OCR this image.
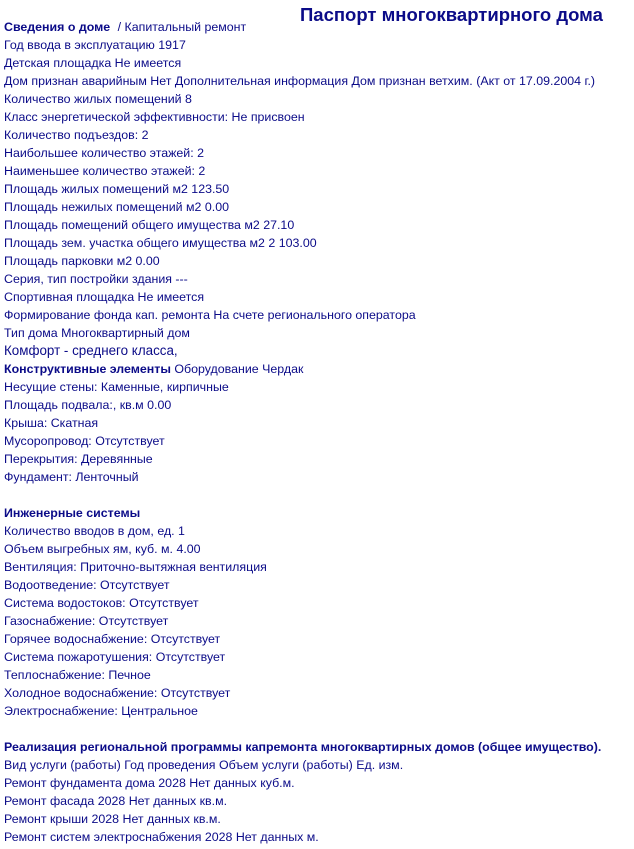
Паспорт многоквартирного дома
Сведения о доме / Капитальный ремонт
Год ввода в эксплуатацию 1917
Детская площадка Не имеется
Дом признан аварийным Нет Дополнительная информация Дом признан ветхим. (Акт от 17.09.2004 г.)
Количество жилых помещений 8
Класс энергетической эффективности: Не присвоен
Количество подъездов: 2
Наибольшее количество этажей: 2
Наименьшее количество этажей: 2
Площадь жилых помещений м2 123.50
Площадь нежилых помещений м2 0.00
Площадь помещений общего имущества м2 27.10
Площадь зем. участка общего имущества м2 2 103.00
Площадь парковки м2 0.00
Серия, тип постройки здания ---
Спортивная площадка Не имеется
Формирование фонда кап. ремонта На счете регионального оператора
Тип дома Многоквартирный дом
Комфорт - среднего класса,
Конструктивные элементы Оборудование Чердак
Несущие стены: Каменные, кирпичные
Площадь подвала:, кв.м 0.00
Крыша: Скатная
Мусоропровод: Отсутствует
Перекрытия: Деревянные
Фундамент: Ленточный
Инженерные системы
Количество вводов в дом, ед. 1
Объем выгребных ям, куб. м. 4.00
Вентиляция: Приточно-вытяжная вентиляция
Водоотведение: Отсутствует
Система водостоков: Отсутствует
Газоснабжение: Отсутствует
Горячее водоснабжение: Отсутствует
Система пожаротушения: Отсутствует
Теплоснабжение: Печное
Холодное водоснабжение: Отсутствует
Электроснабжение: Центральное
Реализация региональной программы капремонта многоквартирных домов (общее имущество).
Вид услуги (работы) Год проведения Объем услуги (работы) Ед. изм.
Ремонт фундамента дома 2028 Нет данных куб.м.
Ремонт фасада 2028 Нет данных кв.м.
Ремонт крыши 2028 Нет данных кв.м.
Ремонт систем электроснабжения 2028 Нет данных м.
